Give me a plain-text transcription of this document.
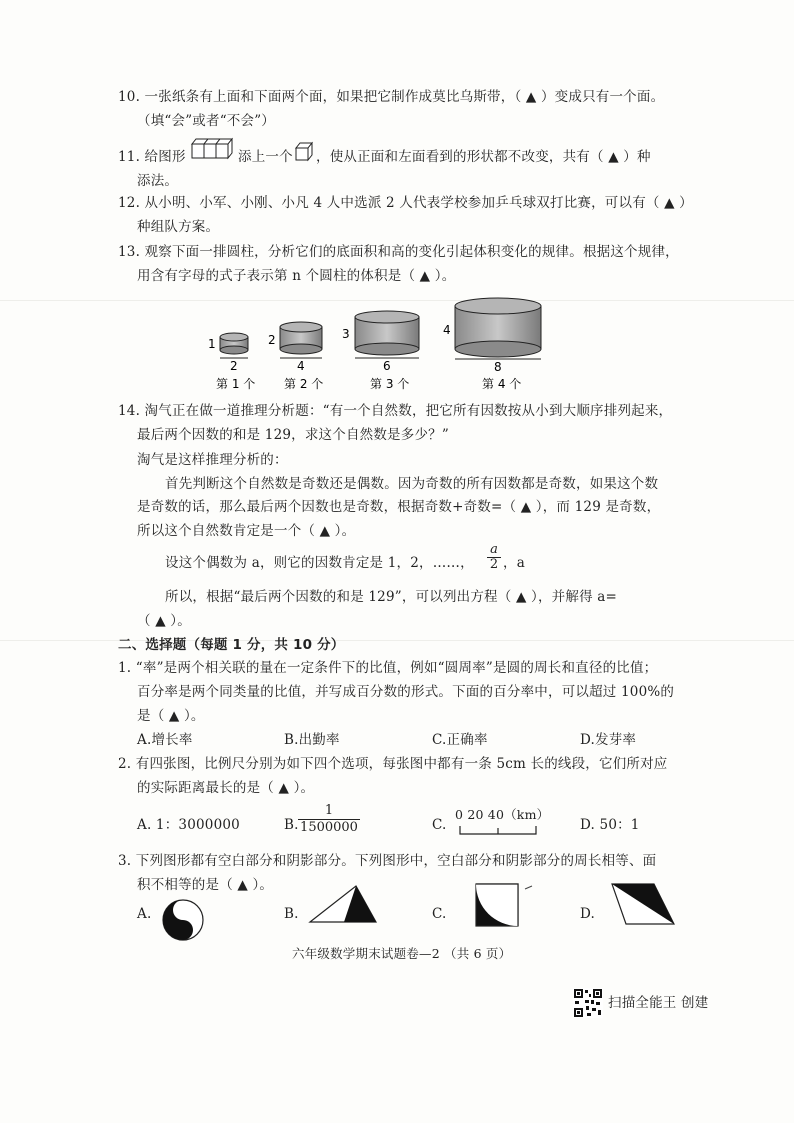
10. 一张纸条有上面和下面两个面，如果把它制作成莫比乌斯带，（ ▲ ）变成只有一个面。
（填“会”或者“不会”）
11. 给图形	添上一个 ，使从正面和左面看到的形状都不改变，共有（ ▲ ）种
添法。
12. 从小明、小军、小刚、小凡 4 人中选派 2 人代表学校参加乒乓球双打比赛，可以有（ ▲ ）
种组队方案。
13. 观察下面一排圆柱，分析它们的底面积和高的变化引起体积变化的规律。根据这个规律，
用含有字母的式子表示第 n 个圆柱的体积是（ ▲ ）。
1
2
第 1 个
2
4
第 2 个
3
6
第 3 个
4
8
第 4 个
14. 淘气正在做一道推理分析题：“有一个自然数，把它所有因数按从小到大顺序排列起来，
最后两个因数的和是 129，求这个自然数是多少？”
淘气是这样推理分析的：
首先判断这个自然数是奇数还是偶数。因为奇数的所有因数都是奇数，如果这个数
是奇数的话，那么最后两个因数也是奇数，根据奇数+奇数=（ ▲ ），而 129 是奇数，
所以这个自然数肯定是一个（ ▲ ）。
设这个偶数为 a，则它的因数肯定是 1，2，……， $\frac{a}{2}$ ，a
所以，根据“最后两个因数的和是 129”，可以列出方程（ ▲ ），并解得 a=
（ ▲ ）。
二、选择题（每题 1 分，共 10 分）
1. “率”是两个相关联的量在一定条件下的比值，例如“圆周率”是圆的周长和直径的比值；
百分率是两个同类量的比值，并写成百分数的形式。下面的百分率中，可以超过 100%的
是（ ▲ ）。
A.增长率	B.出勤率	C.正确率	D.发芽率
2. 有四张图，比例尺分别为如下四个选项，每张图中都有一条 5cm 长的线段，它们所对应
的实际距离最长的是（ ▲ ）。
A. 1：3000000	B. $\frac{1}{1500000}$	C.
0 20 40（km）
D. 50：1
3. 下列图形都有空白部分和阴影部分。下列图形中，空白部分和阴影部分的周长相等、面
积不相等的是（ ▲ ）。
A.	B.	C.	D.
六年级数学期末试题卷—2 （共 6 页）
扫描全能王 创建
